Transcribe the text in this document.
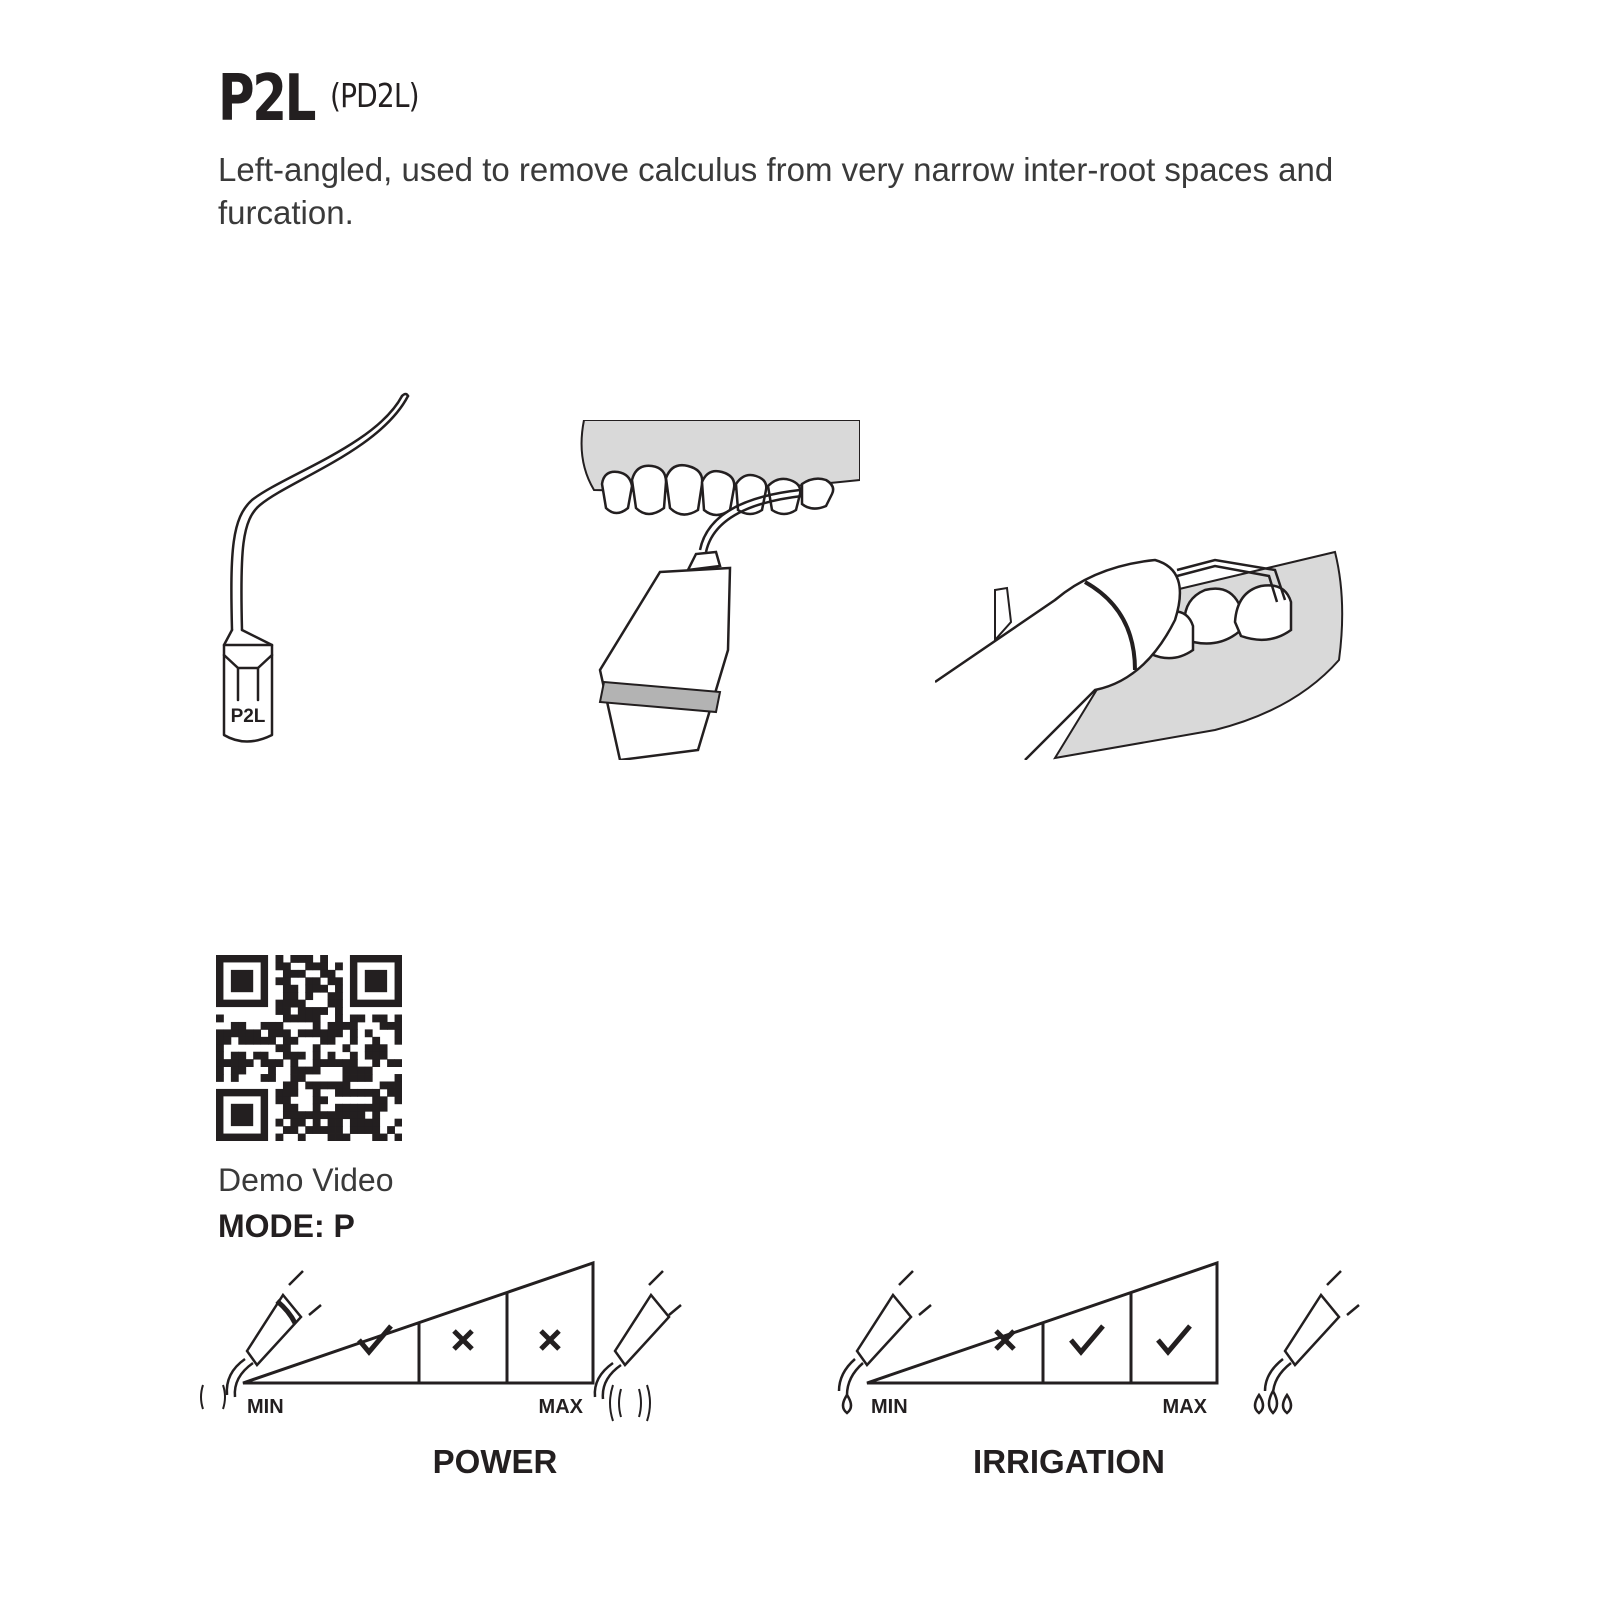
P2L (PD2L)
Left-angled, used to remove calculus from very narrow inter-root spaces and furcation.
P2L
Demo Video
MODE: P
MIN	MAX
POWER
MIN	MAX
IRRIGATION
